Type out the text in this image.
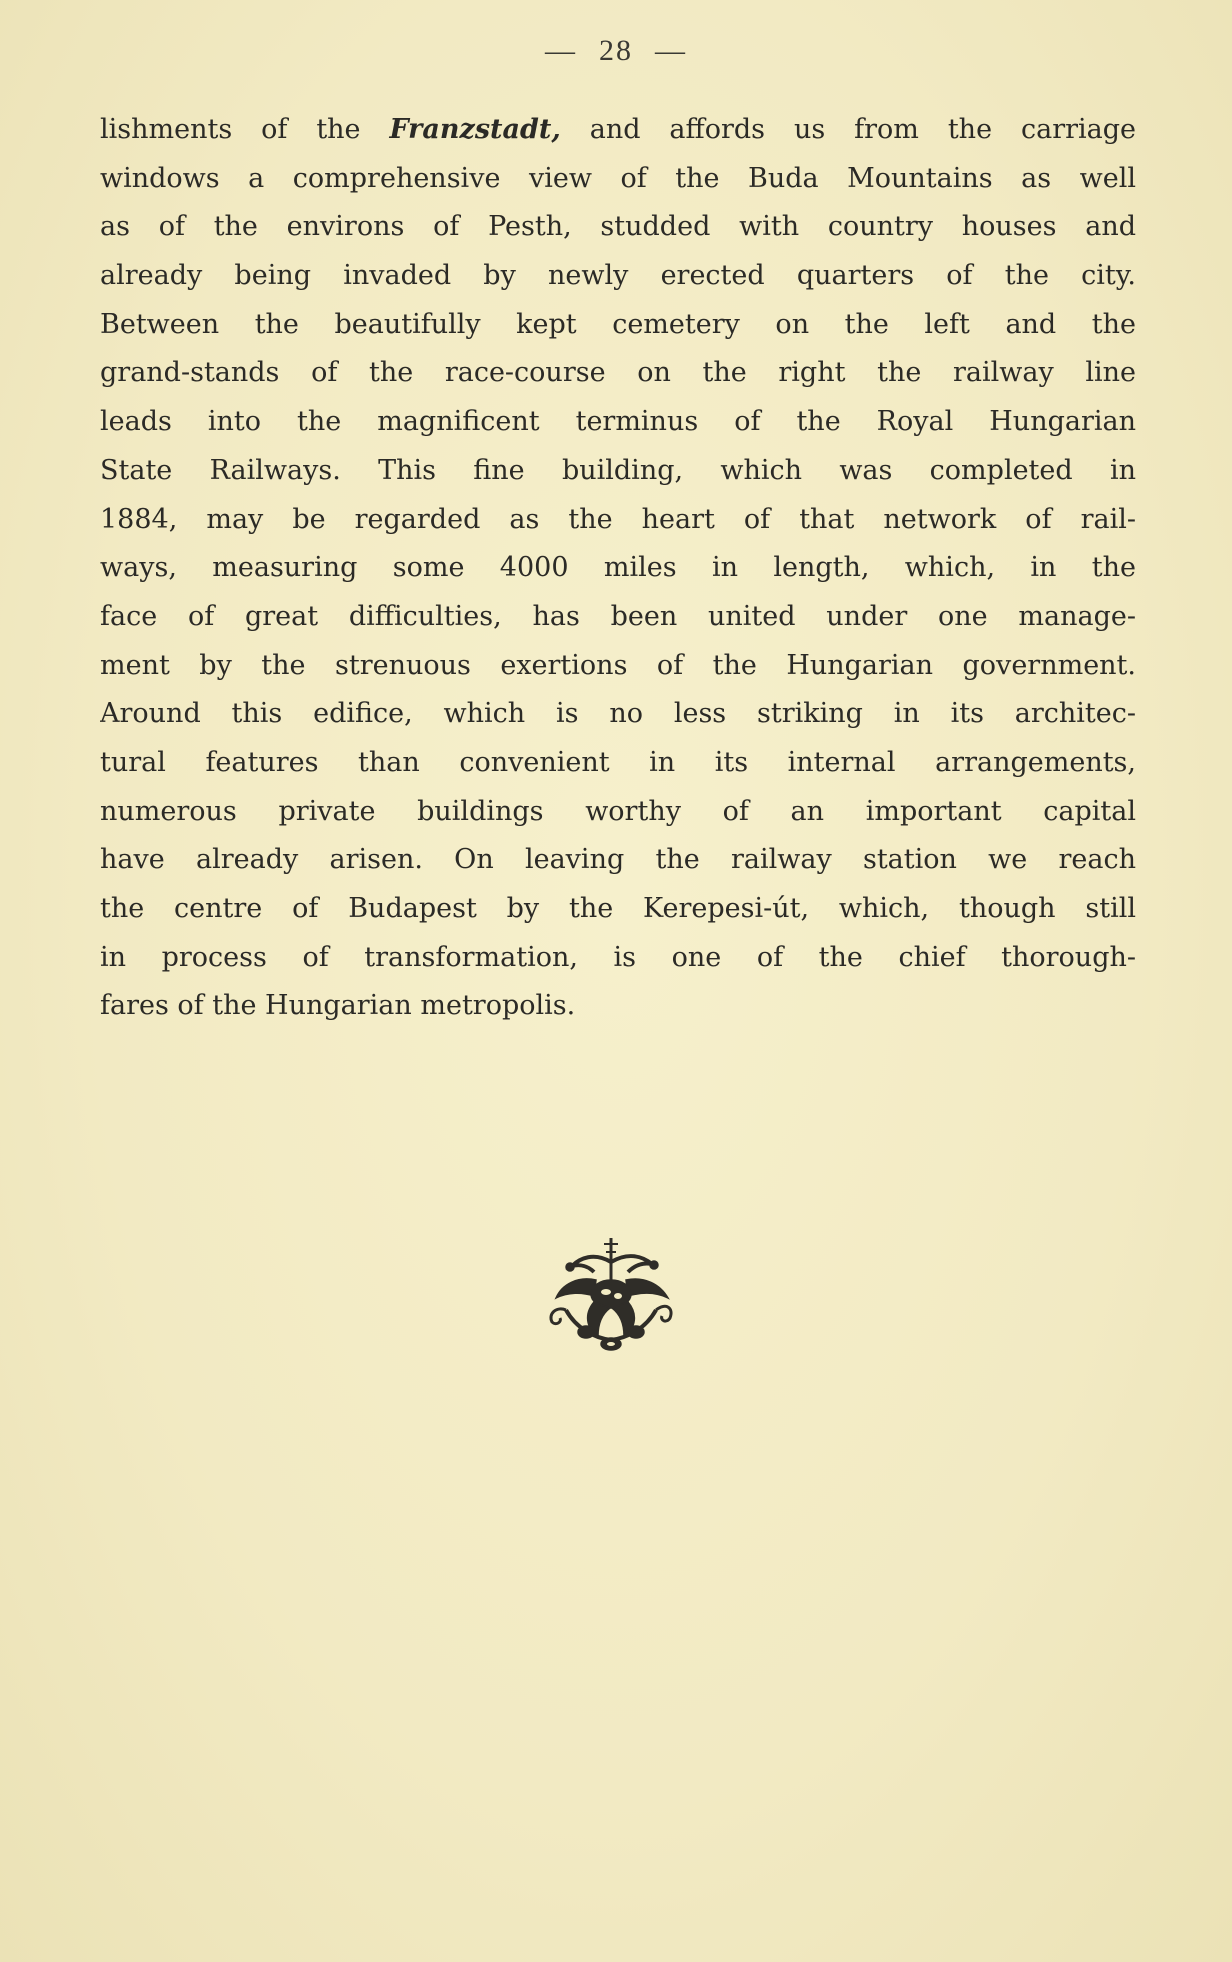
— 28 —
lishments of the Franzstadt, and affords us from the carriage
windows a comprehensive view of the Buda Mountains as well
as of the environs of Pesth, studded with country houses and
already being invaded by newly erected quarters of the city.
Between the beautifully kept cemetery on the left and the
grand-stands of the race-course on the right the railway line
leads into the magnificent terminus of the Royal Hungarian
State Railways. This fine building, which was completed in
1884, may be regarded as the heart of that network of rail-
ways, measuring some 4000 miles in length, which, in the
face of great difficulties, has been united under one manage-
ment by the strenuous exertions of the Hungarian government.
Around this edifice, which is no less striking in its architec-
tural features than convenient in its internal arrangements,
numerous private buildings worthy of an important capital
have already arisen. On leaving the railway station we reach
the centre of Budapest by the Kerepesi-út, which, though still
in process of transformation, is one of the chief thorough-
fares of the Hungarian metropolis.
